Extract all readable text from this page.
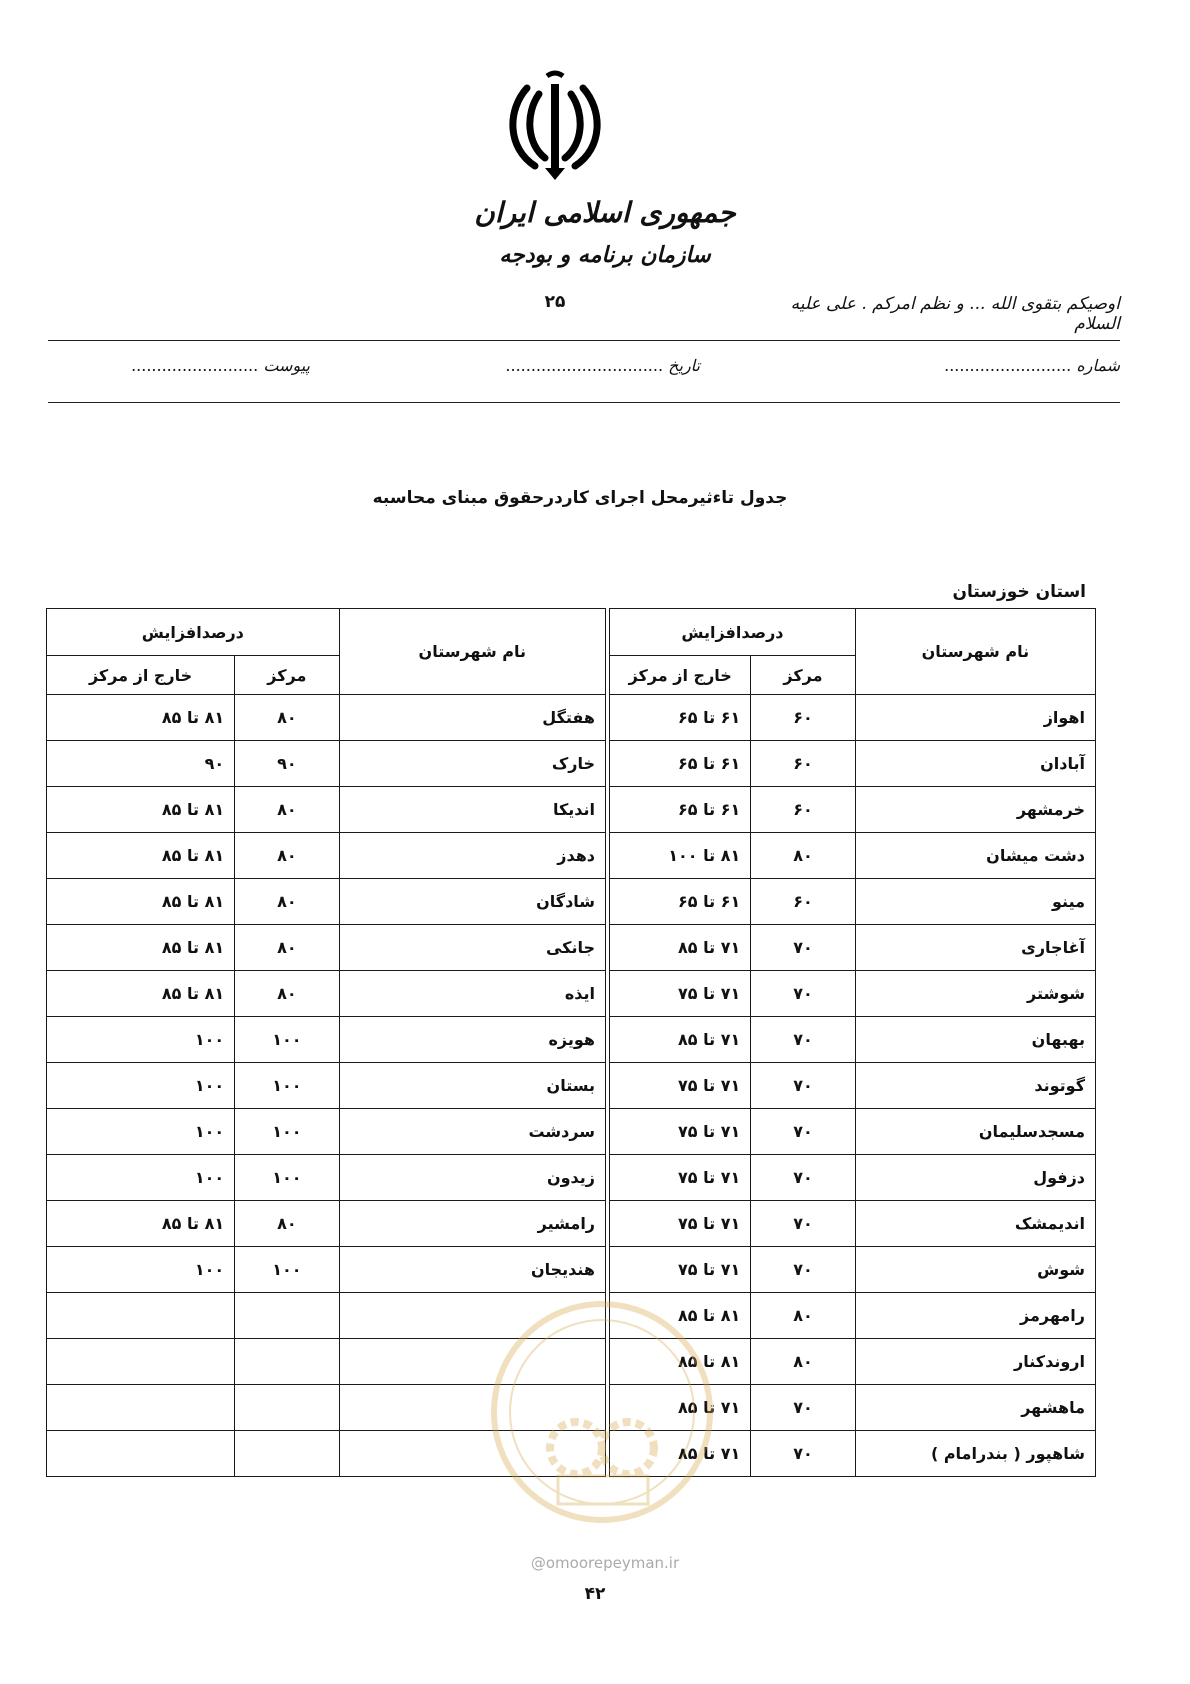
جمهوری اسلامی ایران
سازمان برنامه و بودجه
۲۵	اوصیکم بتقوی الله ... و نظم امرکم . علی علیه السلام
شماره .........................
تاریخ ...............................
پیوست .........................
جدول تاءثیرمحل اجرای کاردرحقوق مبنای محاسبه
استان خوزستان
نام شهرستان	درصدافزایش			نام شهرستان	درصدافزایش	
	مرکز	خارج از مرکز			مرکز	خارج از مرکز
اهواز	۶۰	۶۱ تا ۶۵		هفتگل	۸۰	۸۱ تا ۸۵
آبادان	۶۰	۶۱ تا ۶۵		خارک	۹۰	۹۰
خرمشهر	۶۰	۶۱ تا ۶۵		اندیکا	۸۰	۸۱ تا ۸۵
دشت میشان	۸۰	۸۱ تا ۱۰۰		دهدز	۸۰	۸۱ تا ۸۵
مینو	۶۰	۶۱ تا ۶۵		شادگان	۸۰	۸۱ تا ۸۵
آغاجاری	۷۰	۷۱ تا ۸۵		جانکی	۸۰	۸۱ تا ۸۵
شوشتر	۷۰	۷۱ تا ۷۵		ایذه	۸۰	۸۱ تا ۸۵
بهبهان	۷۰	۷۱ تا ۸۵		هویزه	۱۰۰	۱۰۰
گوتوند	۷۰	۷۱ تا ۷۵		بستان	۱۰۰	۱۰۰
مسجدسلیمان	۷۰	۷۱ تا ۷۵		سردشت	۱۰۰	۱۰۰
دزفول	۷۰	۷۱ تا ۷۵		زیدون	۱۰۰	۱۰۰
اندیمشک	۷۰	۷۱ تا ۷۵		رامشیر	۸۰	۸۱ تا ۸۵
شوش	۷۰	۷۱ تا ۷۵		هندیجان	۱۰۰	۱۰۰
رامهرمز	۸۰	۸۱ تا ۸۵				
اروندکنار	۸۰	۸۱ تا ۸۵				
ماهشهر	۷۰	۷۱ تا ۸۵				
شاهپور ( بندرامام )	۷۰	۷۱ تا ۸۵				
@omoorepeyman.ir
۴۲
